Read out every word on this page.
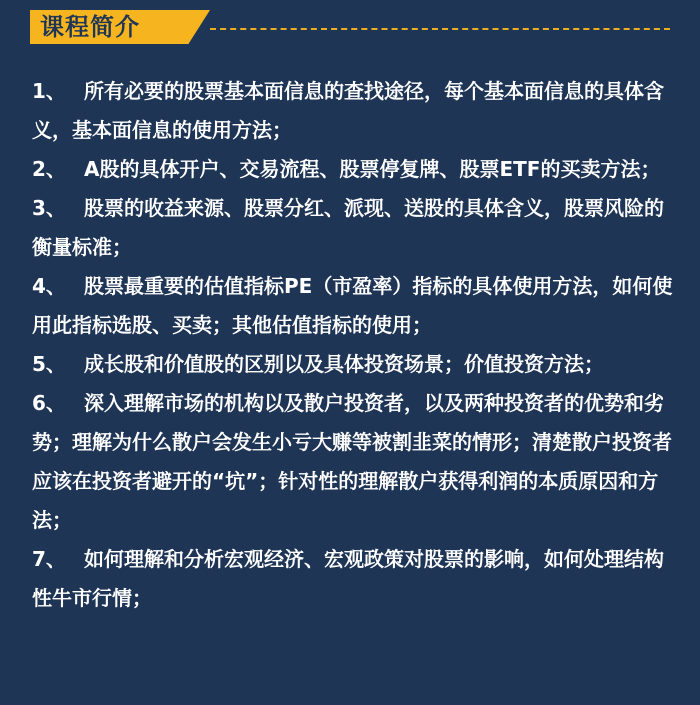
课程简介

1、 所有必要的股票基本面信息的查找途径，每个基本面信息的具体含义，基本面信息的使用方法；

2、 A股的具体开户、交易流程、股票停复牌、股票ETF的买卖方法；

3、 股票的收益来源、股票分红、派现、送股的具体含义，股票风险的衡量标准；

4、 股票最重要的估值指标PE（市盈率）指标的具体使用方法，如何使用此指标选股、买卖；其他估值指标的使用；

5、 成长股和价值股的区别以及具体投资场景；价值投资方法；

6、 深入理解市场的机构以及散户投资者，以及两种投资者的优势和劣势；理解为什么散户会发生小亏大赚等被割韭菜的情形；清楚散户投资者应该在投资者避开的“坑”；针对性的理解散户获得利润的本质原因和方法；

7、 如何理解和分析宏观经济、宏观政策对股票的影响，如何处理结构性牛市行情；
